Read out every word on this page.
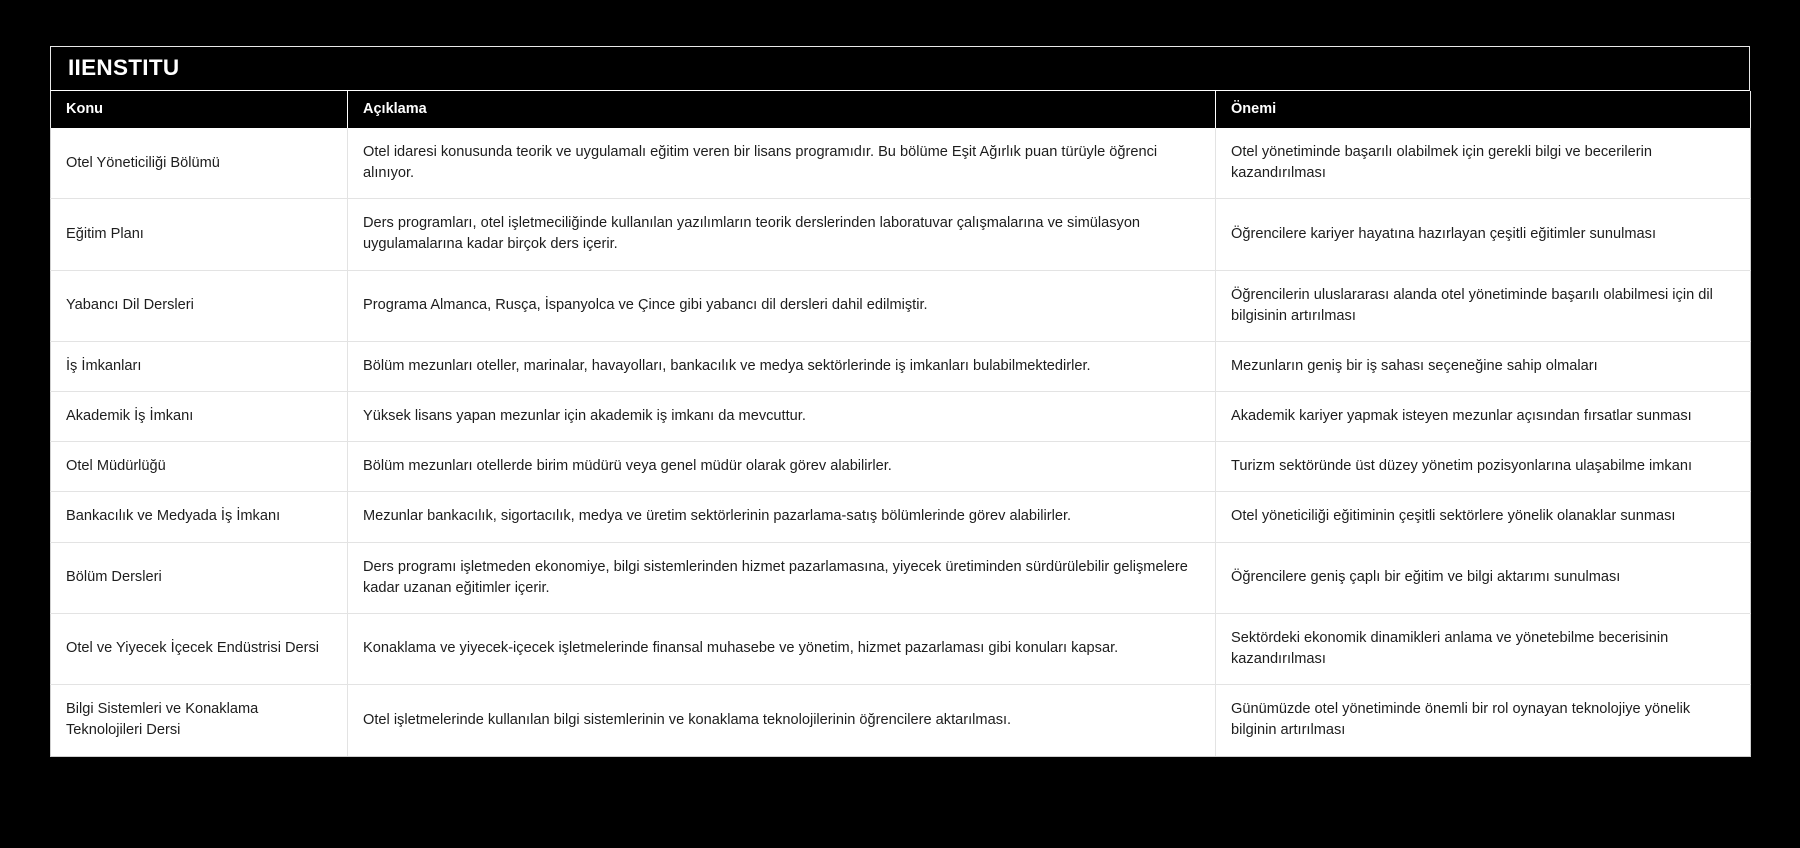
IIENSTITU
Konu	Açıklama	Önemi
Otel Yöneticiliği Bölümü	Otel idaresi konusunda teorik ve uygulamalı eğitim veren bir lisans programıdır. Bu bölüme Eşit Ağırlık puan türüyle öğrenci alınıyor.	Otel yönetiminde başarılı olabilmek için gerekli bilgi ve becerilerin kazandırılması
Eğitim Planı	Ders programları, otel işletmeciliğinde kullanılan yazılımların teorik derslerinden laboratuvar çalışmalarına ve simülasyon uygulamalarına kadar birçok ders içerir.	Öğrencilere kariyer hayatına hazırlayan çeşitli eğitimler sunulması
Yabancı Dil Dersleri	Programa Almanca, Rusça, İspanyolca ve Çince gibi yabancı dil dersleri dahil edilmiştir.	Öğrencilerin uluslararası alanda otel yönetiminde başarılı olabilmesi için dil bilgisinin artırılması
İş İmkanları	Bölüm mezunları oteller, marinalar, havayolları, bankacılık ve medya sektörlerinde iş imkanları bulabilmektedirler.	Mezunların geniş bir iş sahası seçeneğine sahip olmaları
Akademik İş İmkanı	Yüksek lisans yapan mezunlar için akademik iş imkanı da mevcuttur.	Akademik kariyer yapmak isteyen mezunlar açısından fırsatlar sunması
Otel Müdürlüğü	Bölüm mezunları otellerde birim müdürü veya genel müdür olarak görev alabilirler.	Turizm sektöründe üst düzey yönetim pozisyonlarına ulaşabilme imkanı
Bankacılık ve Medyada İş İmkanı	Mezunlar bankacılık, sigortacılık, medya ve üretim sektörlerinin pazarlama-satış bölümlerinde görev alabilirler.	Otel yöneticiliği eğitiminin çeşitli sektörlere yönelik olanaklar sunması
Bölüm Dersleri	Ders programı işletmeden ekonomiye, bilgi sistemlerinden hizmet pazarlamasına, yiyecek üretiminden sürdürülebilir gelişmelere kadar uzanan eğitimler içerir.	Öğrencilere geniş çaplı bir eğitim ve bilgi aktarımı sunulması
Otel ve Yiyecek İçecek Endüstrisi Dersi	Konaklama ve yiyecek-içecek işletmelerinde finansal muhasebe ve yönetim, hizmet pazarlaması gibi konuları kapsar.	Sektördeki ekonomik dinamikleri anlama ve yönetebilme becerisinin kazandırılması
Bilgi Sistemleri ve Konaklama Teknolojileri Dersi	Otel işletmelerinde kullanılan bilgi sistemlerinin ve konaklama teknolojilerinin öğrencilere aktarılması.	Günümüzde otel yönetiminde önemli bir rol oynayan teknolojiye yönelik bilginin artırılması
